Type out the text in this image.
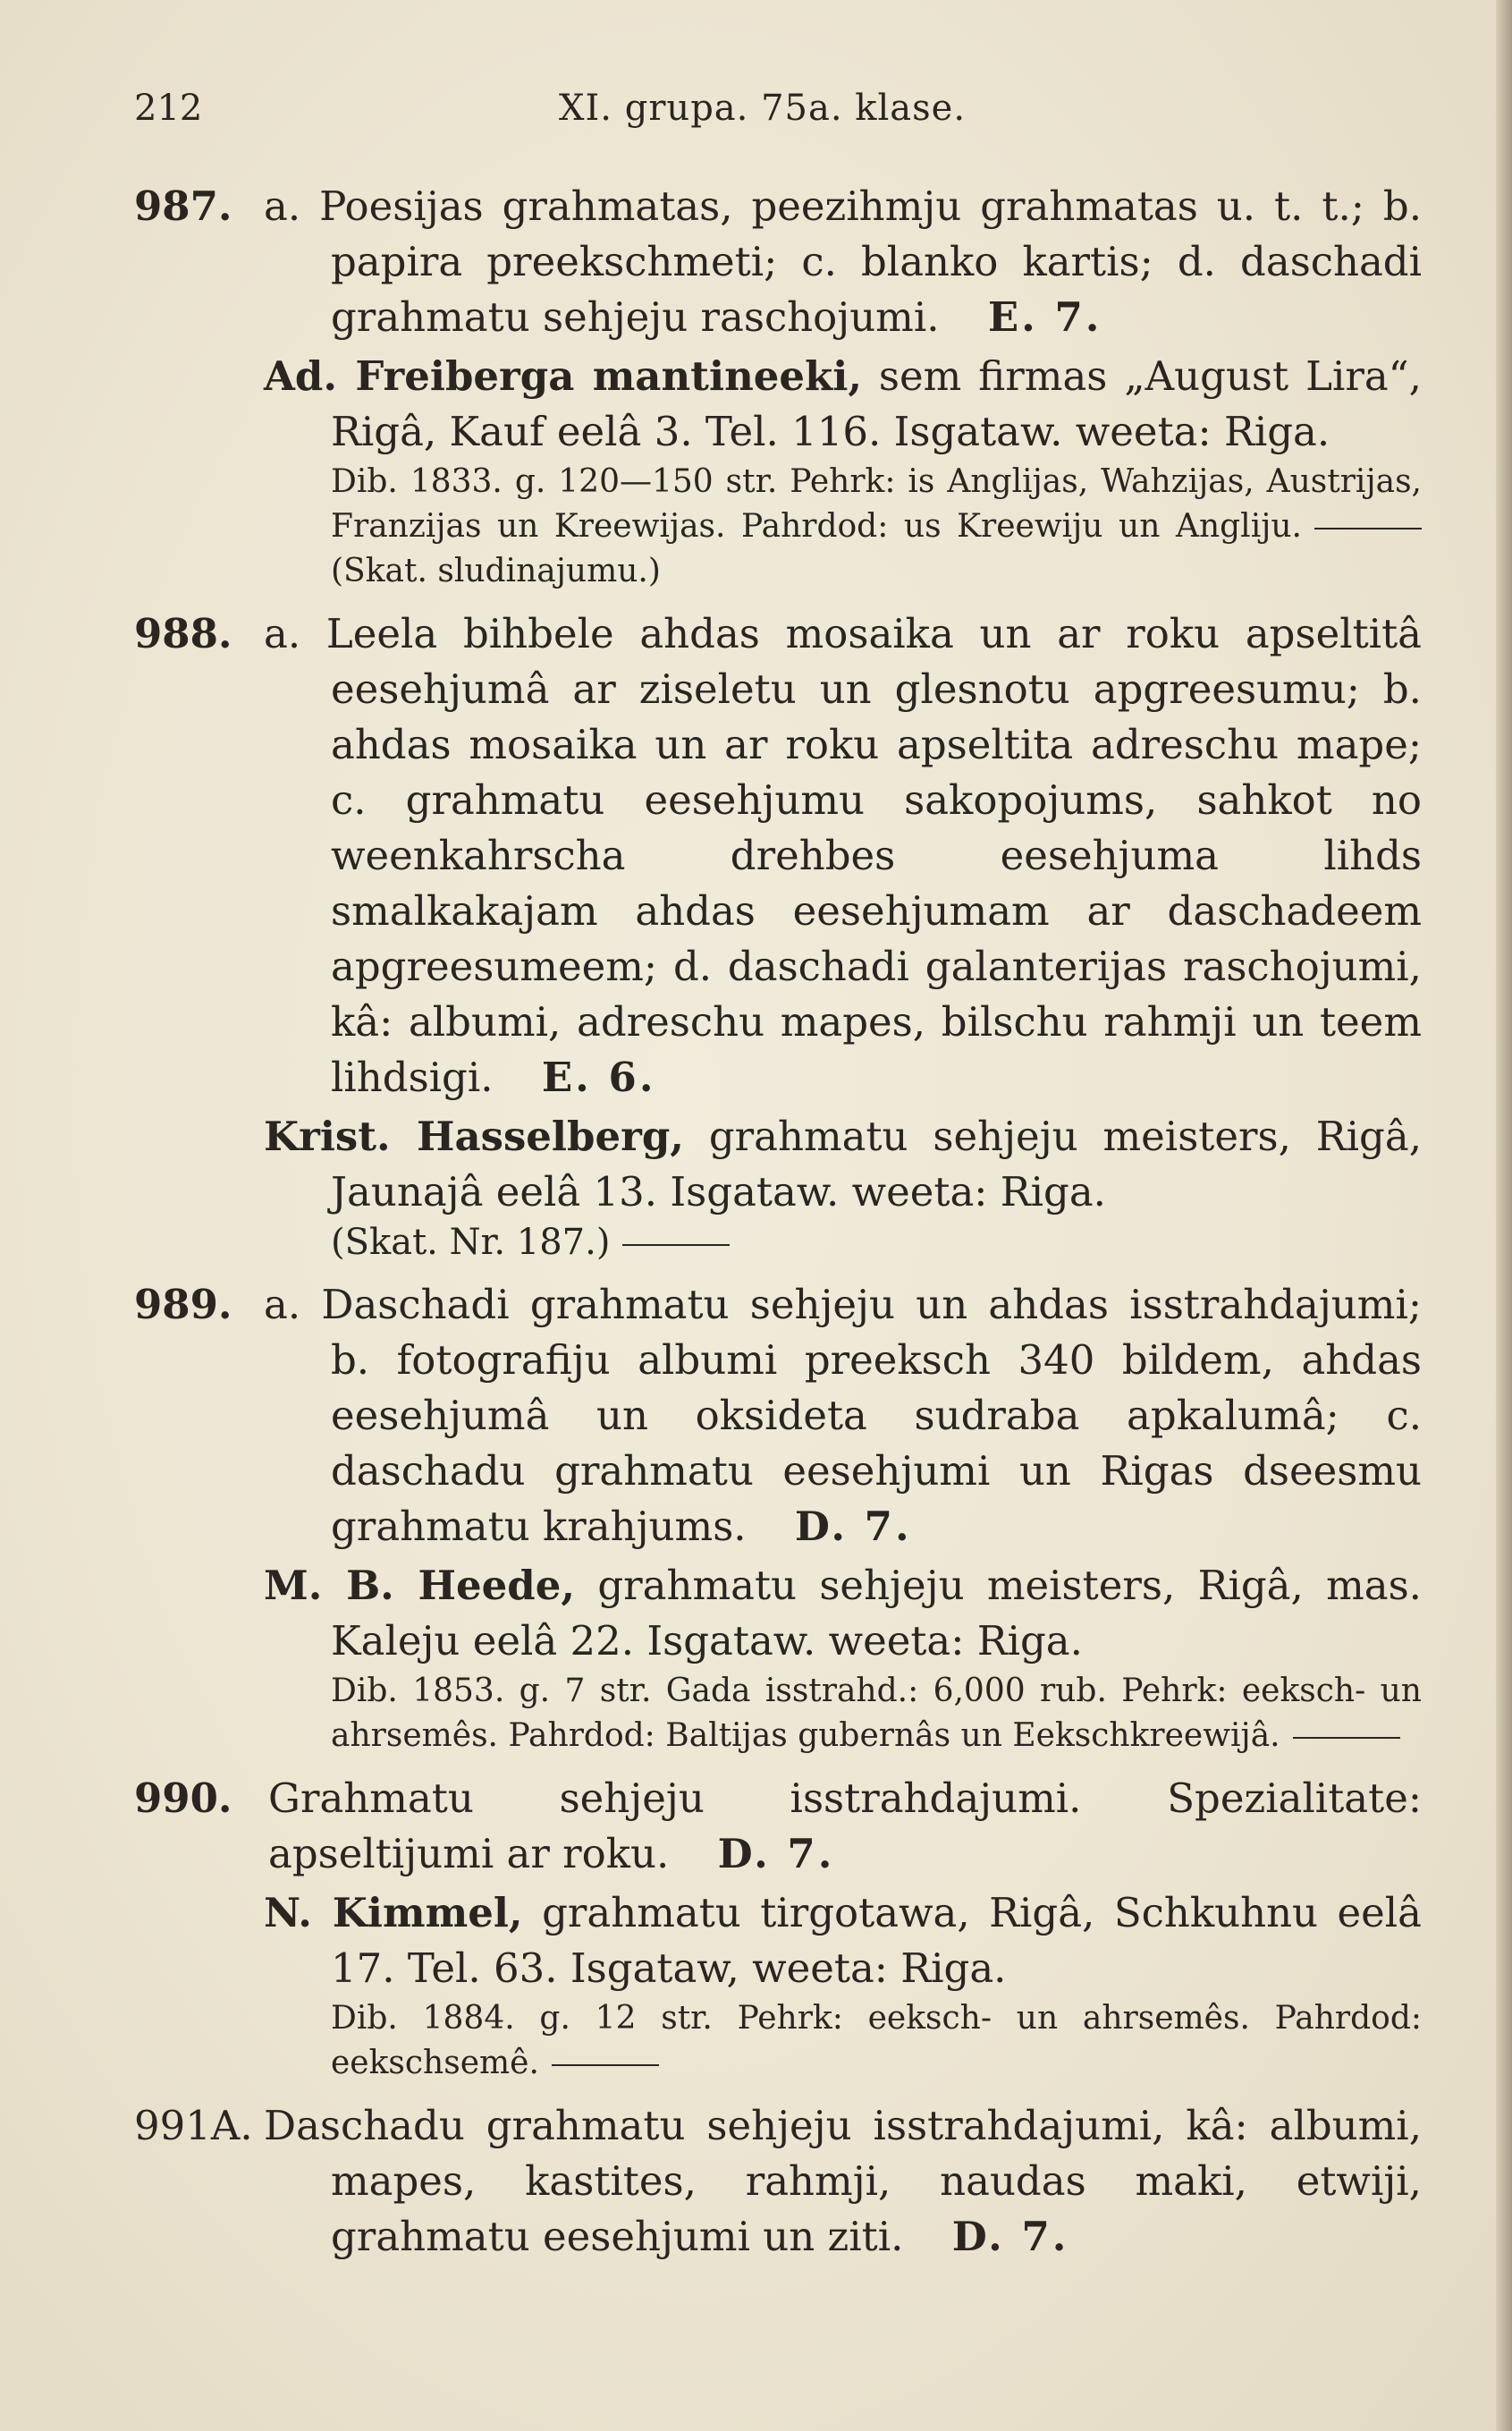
212	XI. grupa. 75a. klase.
987. a. Poesijas grahmatas, peezihmju grahmatas u. t. t.; b. papira preekschmeti; c. blanko kartis; d. daschadi grahmatu sehjeju raschojumi. E. 7.
Ad. Freiberga mantineeki, sem firmas „August Lira“, Rigâ, Kauf eelâ 3. Tel. 116. Isgataw. weeta: Riga.
Dib. 1833. g. 120—150 str. Pehrk: is Anglijas, Wahzijas, Austrijas, Franzijas un Kreewijas. Pahrdod: us Kreewiju un Angliju. (Skat. sludinajumu.)
988. a. Leela bihbele ahdas mosaika un ar roku apseltitâ eesehjumâ ar ziseletu un glesnotu apgreesumu; b. ahdas mosaika un ar roku apseltita adreschu mape; c. grahmatu eesehjumu sakopojums, sahkot no weenkahrscha drehbes eesehjuma lihds smalkakajam ahdas eesehjumam ar daschadeem apgreesumeem; d. daschadi galanterijas raschojumi, kâ: albumi, adreschu mapes, bilschu rahmji un teem lihdsigi. E. 6.
Krist. Hasselberg, grahmatu sehjeju meisters, Rigâ, Jaunajâ eelâ 13. Isgataw. weeta: Riga.
(Skat. Nr. 187.)
989. a. Daschadi grahmatu sehjeju un ahdas isstrahdajumi; b. fotografiju albumi preeksch 340 bildem, ahdas eesehjumâ un oksideta sudraba apkalumâ; c. daschadu grahmatu eesehjumi un Rigas dseesmu grahmatu krahjums. D. 7.
M. B. Heede, grahmatu sehjeju meisters, Rigâ, mas. Kaleju eelâ 22. Isgataw. weeta: Riga.
Dib. 1853. g. 7 str. Gada isstrahd.: 6,000 rub. Pehrk: eeksch- un ahrsemês. Pahrdod: Baltijas gubernâs un Eekschkreewijâ.
990. Grahmatu sehjeju isstrahdajumi. Spezialitate: apseltijumi ar roku. D. 7.
N. Kimmel, grahmatu tirgotawa, Rigâ, Schkuhnu eelâ 17. Tel. 63. Isgataw, weeta: Riga.
Dib. 1884. g. 12 str. Pehrk: eeksch- un ahrsemês. Pahrdod: eekschsemê.
991A. Daschadu grahmatu sehjeju isstrahdajumi, kâ: albumi, mapes, kastites, rahmji, naudas maki, etwiji, grahmatu eesehjumi un ziti. D. 7.
